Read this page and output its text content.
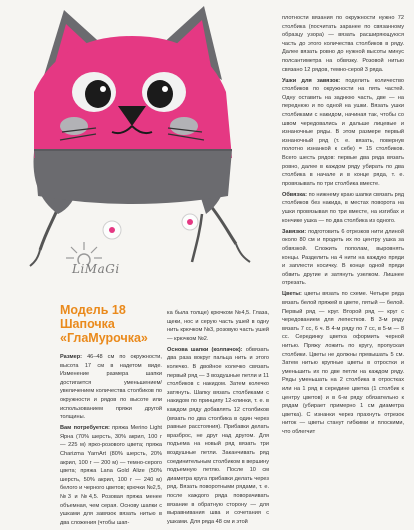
LiMaGi
Модель 18
Шапочка
«ГлаМурочка»

Размер: 46–48 см по окружности, высота 17 см в надетом виде. Изменение размера шапки достигается уменьшением/увеличением количества столбиков по окружности и рядов по высоте или использованием пряжи другой толщины.

Вам потребуется: пряжа Merino Light Ярна (70% шерсть, 30% акрил, 100 г — 225 м) ярко-розового цвета; пряжа Charizma YarnArt (80% шерсть, 20% акрил, 100 г — 200 м) — темно-серого цвета; пряжа Lana Gold Alize (50% шерсть, 50% акрил, 100 г — 240 м) белого и черного цветов; крючки №2,5, №3 и №4,5. Розовая пряжа менее объемная, чем серая. Основу шапки с ушками для завязок вязать нитью в два сложения (чтобы шап-

ка была толще) крючком №4,5. Глаза, щеки, нос и серую часть ушей в одну нить крючком №3, розовую часть ушей — крючком №2.

Основа шапки (колпачок): обвязать два раза вокруг пальца нить и этого колечко. В двойное колечко связать первый ряд — 3 воздушные петли и 11 столбиков с накидом. Затем колечко затянуть. Шапку вязать столбиками с накидом по принципу 12-клинки, т. е. в каждом ряду добавлять 12 столбиков (вязать по два столбика в один через равные расстояния). Прибавки делать вразброс, не друг над другом. Для подъема на новый ряд вязать три воздушные петли. Заканчивать ряд соединительным столбиком в вершину подъемную петлю. После 10 см диаметра круга прибавки делать через ряд. Вязать поворотными рядами, т. е. после каждого ряда поворачивать вязание в обратную сторону — для выравнивания шва и сочетания с ушками. Для ряда 48 см и этой

плотности вязания по окружности нужно 72 столбика (посчитать заранее по связанному образцу узора) — вязать расширяющуюся часть до этого количества столбиков в ряду. Далее вязать ровно до нужной высоты минус полсантиметра на обвязку. Розовой нитью связано 12 рядов, темно-серой 3 ряда.

Ушки для завязок: поделить количество столбиков по окружности на пять частей. Одну оставить на заднюю часть, две — на переднюю и по одной на ушки. Вязать ушки столбиками с накидом, начиная так, чтобы со швом чередовались и дальше лицевые и изнаночные ряды. В этом размере первый изнаночный ряд (т. е. вязать, повернув полотно изнанкой к себе) = 15 столбиков. Всего шесть рядов: первые два ряда вязать ровно, далее в каждом ряду убирать по два столбика в начале и в конце ряда, т. е. провязывать по три столбика вместе.

Обвязка: по нижнему краю шапки связать ряд столбиков без накида, в местах поворота на ушки провязывая по три вместе, на изгибах и кончике ушка — по два столбика из одного.

Завязки: подготовить 6 отрезков нити длиной около 80 см и продеть их по центру ушка за обвязкой. Сложить пополам, выровнять концы. Разделить на 4 нити на каждую пряди и заплести косичку. В конце одной пряди обвить другие и затянуть узелком. Лишнее отрезать.

Цветы: цветы вязать по схеме. Четыре ряда вязать белой пряжей в цвете, пятый — белой. Первый ряд — круг. Второй ряд — круг с чередованием для лепестков. В 3-м ряду вязать 7 сс, 6 ч. В 4-м ряду по 7 сс, в 5-м — 8 сс. Серединку цветка оформить черной нитью. Пряжу ложить по кругу, пропуская столбики. Цветы не должны превышать 5 см. Затем нитью крупные цветы в отростки и уменьшить их по две петли на каждом ряду. Ряды уменьшать на 2 столбика в отростках или на 1 ряд в середине цветка (1 столбик к центру цветов) и в 6-м ряду обязательно к рядам (убирает примерно 1 см диаметра цветка). С изнанки через прахнуть отрезок ниток — цветы станут гибкими и плоскими, что облегчит
